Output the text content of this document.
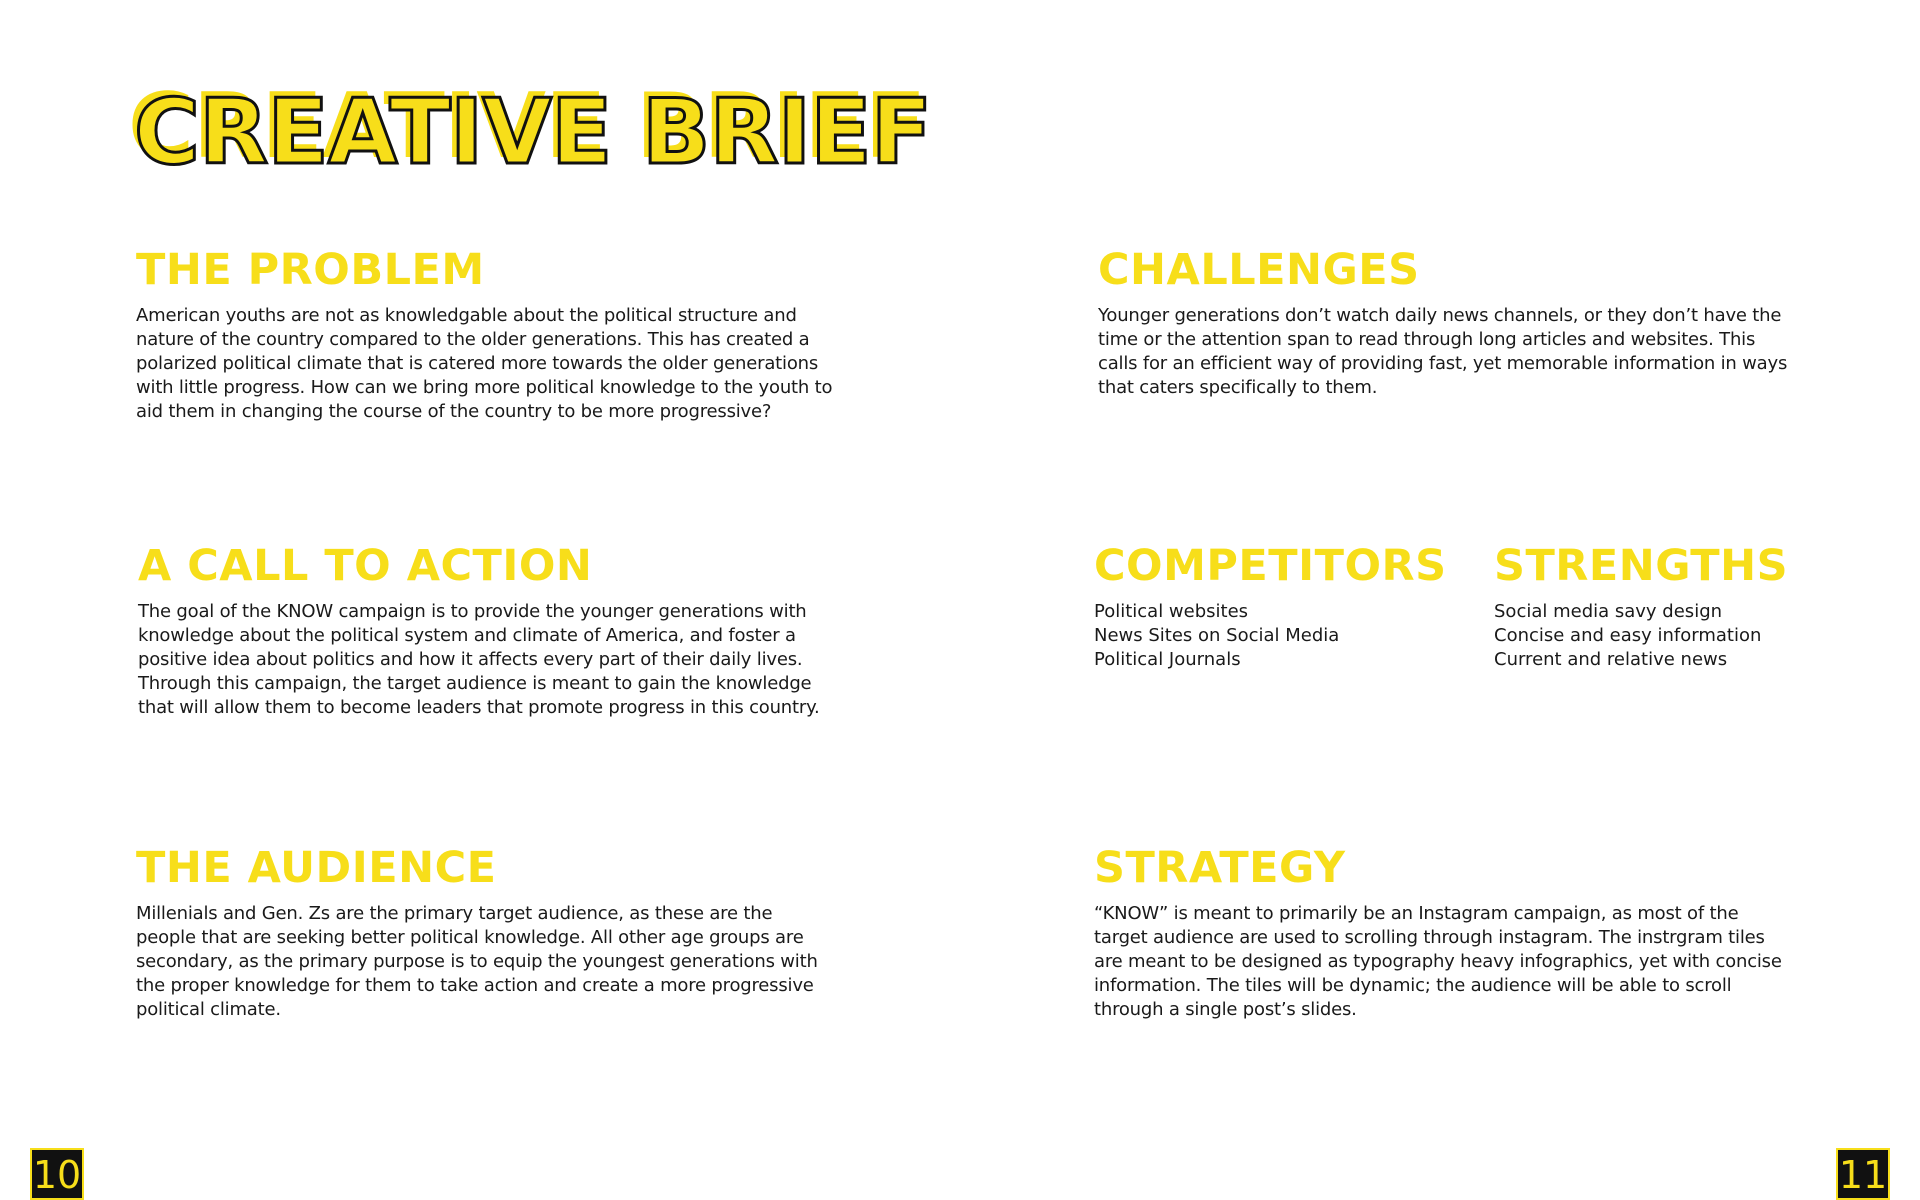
CREATIVE BRIEF
THE PROBLEM

American youths are not as knowledgable about the political structure and nature of the country compared to the older generations. This has created a polarized political climate that is catered more towards the older generations with little progress. How can we bring more political knowledge to the youth to aid them in changing the course of the country to be more progressive?

A CALL TO ACTION

The goal of the KNOW campaign is to provide the younger generations with knowledge about the political system and climate of America, and foster a positive idea about politics and how it affects every part of their daily lives. Through this campaign, the target audience is meant to gain the knowledge that will allow them to become leaders that promote progress in this country.

THE AUDIENCE

Millenials and Gen. Zs are the primary target audience, as these are the people that are seeking better political knowledge. All other age groups are secondary, as the primary purpose is to equip the youngest generations with the proper knowledge for them to take action and create a more progressive political climate.

CHALLENGES

Younger generations don’t watch daily news channels, or they don’t have the time or the attention span to read through long articles and websites. This calls for an efficient way of providing fast, yet memorable information in ways that caters specifically to them.

COMPETITORS
Political websites
News Sites on Social Media
Political Journals
STRENGTHS
Social media savy design
Concise and easy information
Current and relative news
STRATEGY

“KNOW” is meant to primarily be an Instagram campaign, as most of the target audience are used to scrolling through instagram. The instrgram tiles are meant to be designed as typography heavy infographics, yet with concise information. The tiles will be dynamic; the audience will be able to scroll through a single post’s slides.

10	11
